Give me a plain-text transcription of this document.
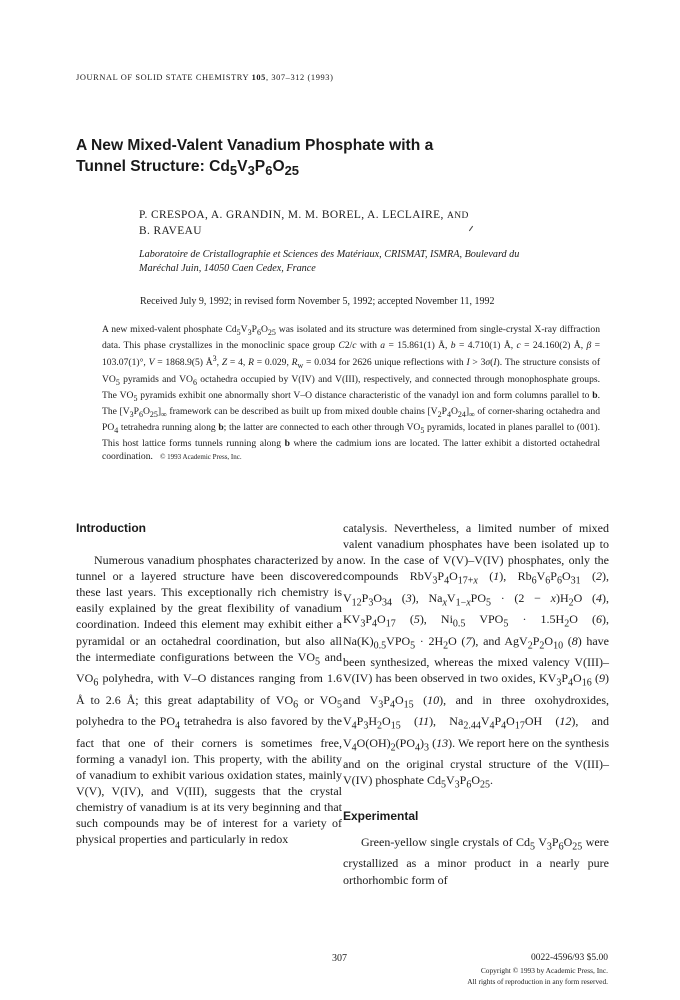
JOURNAL OF SOLID STATE CHEMISTRY 105, 307–312 (1993)
A New Mixed-Valent Vanadium Phosphate with a
Tunnel Structure: $Cd_5V_3P_6O_{25}$

P. CRESPOA, A. GRANDIN, M. M. BOREL, A. LECLAIRE, AND
B. RAVEAU

Laboratoire de Cristallographie et Sciences des Matériaux, CRISMAT, ISMRA, Boulevard du
Maréchal Juin, 14050 Caen Cedex, France

Received July 9, 1992; in revised form November 5, 1992; accepted November 11, 1992

A new mixed-valent phosphate $Cd_5V_3P_6O_{25}$ was isolated and its structure was determined from single-crystal X-ray diffraction data. This phase crystallizes in the monoclinic space group C2/c with a = 15.861(1) Å, b = 4.710(1) Å, c = 24.160(2) Å, β = 103.07(1)°, V = 1868.9(5) $Å^3$, Z = 4, R = 0.029, $R_w = 0.034$ for 2626 unique reflections with I > 3σ(I). The structure consists of $VO_5$ pyramids and $VO_6$ octahedra occupied by V(IV) and V(III), respectively, and connected through monophosphate groups. The $VO_5$ pyramids exhibit one abnormally short V–O distance characteristic of the vanadyl ion and form columns parallel to b. The $[V_3P_6O_{25}]_\infty$ framework can be described as built up from mixed double chains $[V_2P_4O_{24}]_\infty$ of corner-sharing octahedra and $PO_4$ tetrahedra running along b; the latter are connected to each other through $VO_5$ pyramids, located in planes parallel to (001). This host lattice forms tunnels running along b where the cadmium ions are located. The latter exhibit a distorted octahedral coordination.   © 1993 Academic Press, Inc.

Introduction

Numerous vanadium phosphates characterized by a tunnel or a layered structure have been discovered these last years. This exceptionally rich chemistry is easily explained by the great flexibility of vanadium coordination. Indeed this element may exhibit either a pyramidal or an octahedral coordination, but also all the intermediate configurations between the $VO_5$ and $VO_6$ polyhedra, with V–O distances ranging from 1.6 Å to 2.6 Å; this great adaptability of $VO_6$ or $VO_5$ polyhedra to the $PO_4$ tetrahedra is also favored by the fact that one of their corners is sometimes free, forming a vanadyl ion. This property, with the ability of vanadium to exhibit various oxidation states, mainly V(V), V(IV), and V(III), suggests that the crystal chemistry of vanadium is at its very beginning and that such compounds may be of interest for a variety of physical properties and particularly in redox

catalysis. Nevertheless, a limited number of mixed valent vanadium phosphates have been isolated up to now. In the case of V(V)–V(IV) phosphates, only the compounds $RbV_3P_4O_{17+x}$ (1), $Rb_6V_6P_6O_{31}$ (2), $V_{12}P_3O_{34}$ (3), $Na_xV_{1-x}PO_5 \cdot (2 - x)H_2O$ (4), $KV_3P_4O_{17}$ (5), $Ni_{0.5}$ $VPO_5 \cdot 1.5H_2O$ (6), $Na(K)_{0.5}VPO_5 \cdot 2H_2O$ (7), and $AgV_2P_2O_{10}$ (8) have been synthesized, whereas the mixed valency V(III)–V(IV) has been observed in two oxides, $KV_3P_4O_{16}$ (9) and $V_3P_4O_{15}$ (10), and in three oxohydroxides, $V_4P_3H_2O_{15}$ (11), $Na_{2.44}V_4P_4O_{17}OH$ (12), and $V_4O(OH)_2(PO_4)_3$ (13). We report here on the synthesis and on the original crystal structure of the V(III)–V(IV) phosphate $Cd_5V_3P_6O_{25}$.

Experimental

Green-yellow single crystals of $Cd_5$ $V_3P_6O_{25}$ were crystallized as a minor product in a nearly pure orthorhombic form of

307	0022-4596/93 $5.00
Copyright © 1993 by Academic Press, Inc.
All rights of reproduction in any form reserved.
